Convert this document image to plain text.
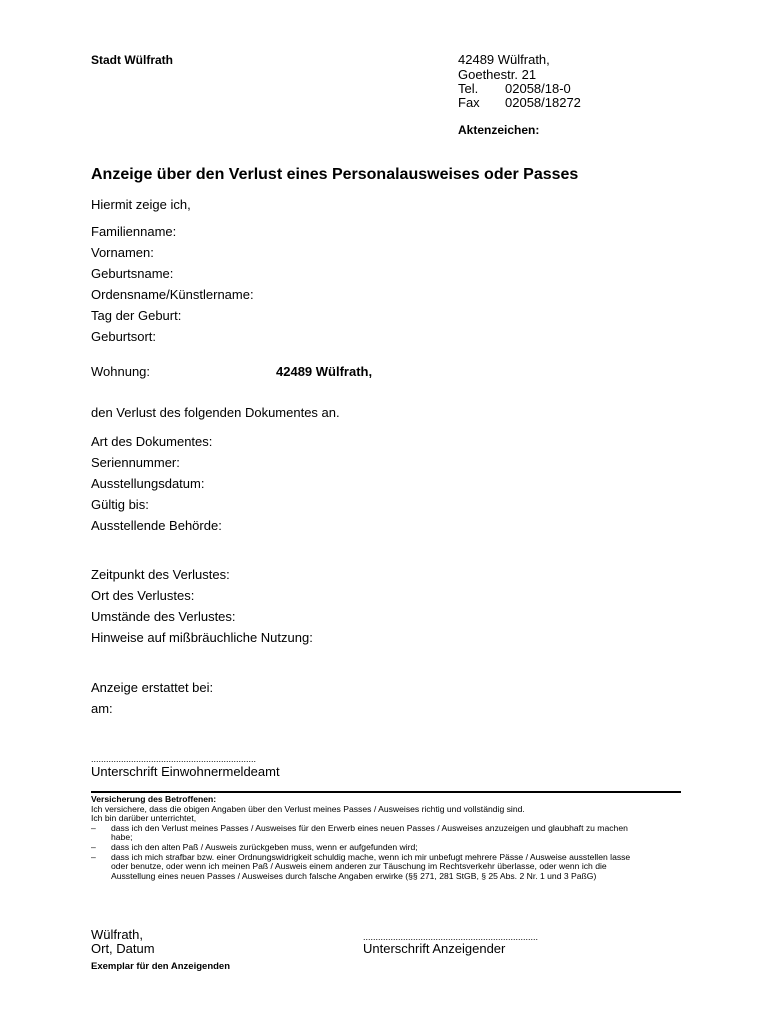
Stadt Wülfrath	42489 Wülfrath,
Goethestr. 21
Tel. 02058/18-0
Fax 02058/18272
Aktenzeichen:
Anzeige über den Verlust eines Personalausweises oder Passes
Hiermit zeige ich,
Familienname:
Vornamen:
Geburtsname:
Ordensname/Künstlername:
Tag der Geburt:
Geburtsort:
Wohnung:	42489 Wülfrath,
den Verlust des folgenden Dokumentes an.
Art des Dokumentes:
Seriennummer:
Ausstellungsdatum:
Gültig bis:
Ausstellende Behörde:
Zeitpunkt des Verlustes:
Ort des Verlustes:
Umstände des Verlustes:
Hinweise auf mißbräuchliche Nutzung:
Anzeige erstattet bei:
am:
..................................................................
Unterschrift Einwohnermeldeamt
Versicherung des Betroffenen:
Ich versichere, dass die obigen Angaben über den Verlust meines Passes / Ausweises richtig und vollständig sind.
Ich bin darüber unterrichtet,
–	dass ich den Verlust meines Passes / Ausweises für den Erwerb eines neuen Passes / Ausweises anzuzeigen und glaubhaft zu machen
habe;
–	dass ich den alten Paß / Ausweis zurückgeben muss, wenn er aufgefunden wird;
–	dass ich mich strafbar bzw. einer Ordnungswidrigkeit schuldig mache, wenn ich mir unbefugt mehrere Pässe / Ausweise ausstellen lasse
oder benutze, oder wenn ich meinen Paß / Ausweis einem anderen zur Täuschung im Rechtsverkehr überlasse, oder wenn ich die
Ausstellung eines neuen Passes / Ausweises durch falsche Angaben erwirke (§§ 271, 281 StGB, § 25 Abs. 2 Nr. 1 und 3 PaßG)
Wülfrath,
Ort, Datum
......................................................................
Unterschrift Anzeigender
Exemplar für den Anzeigenden
